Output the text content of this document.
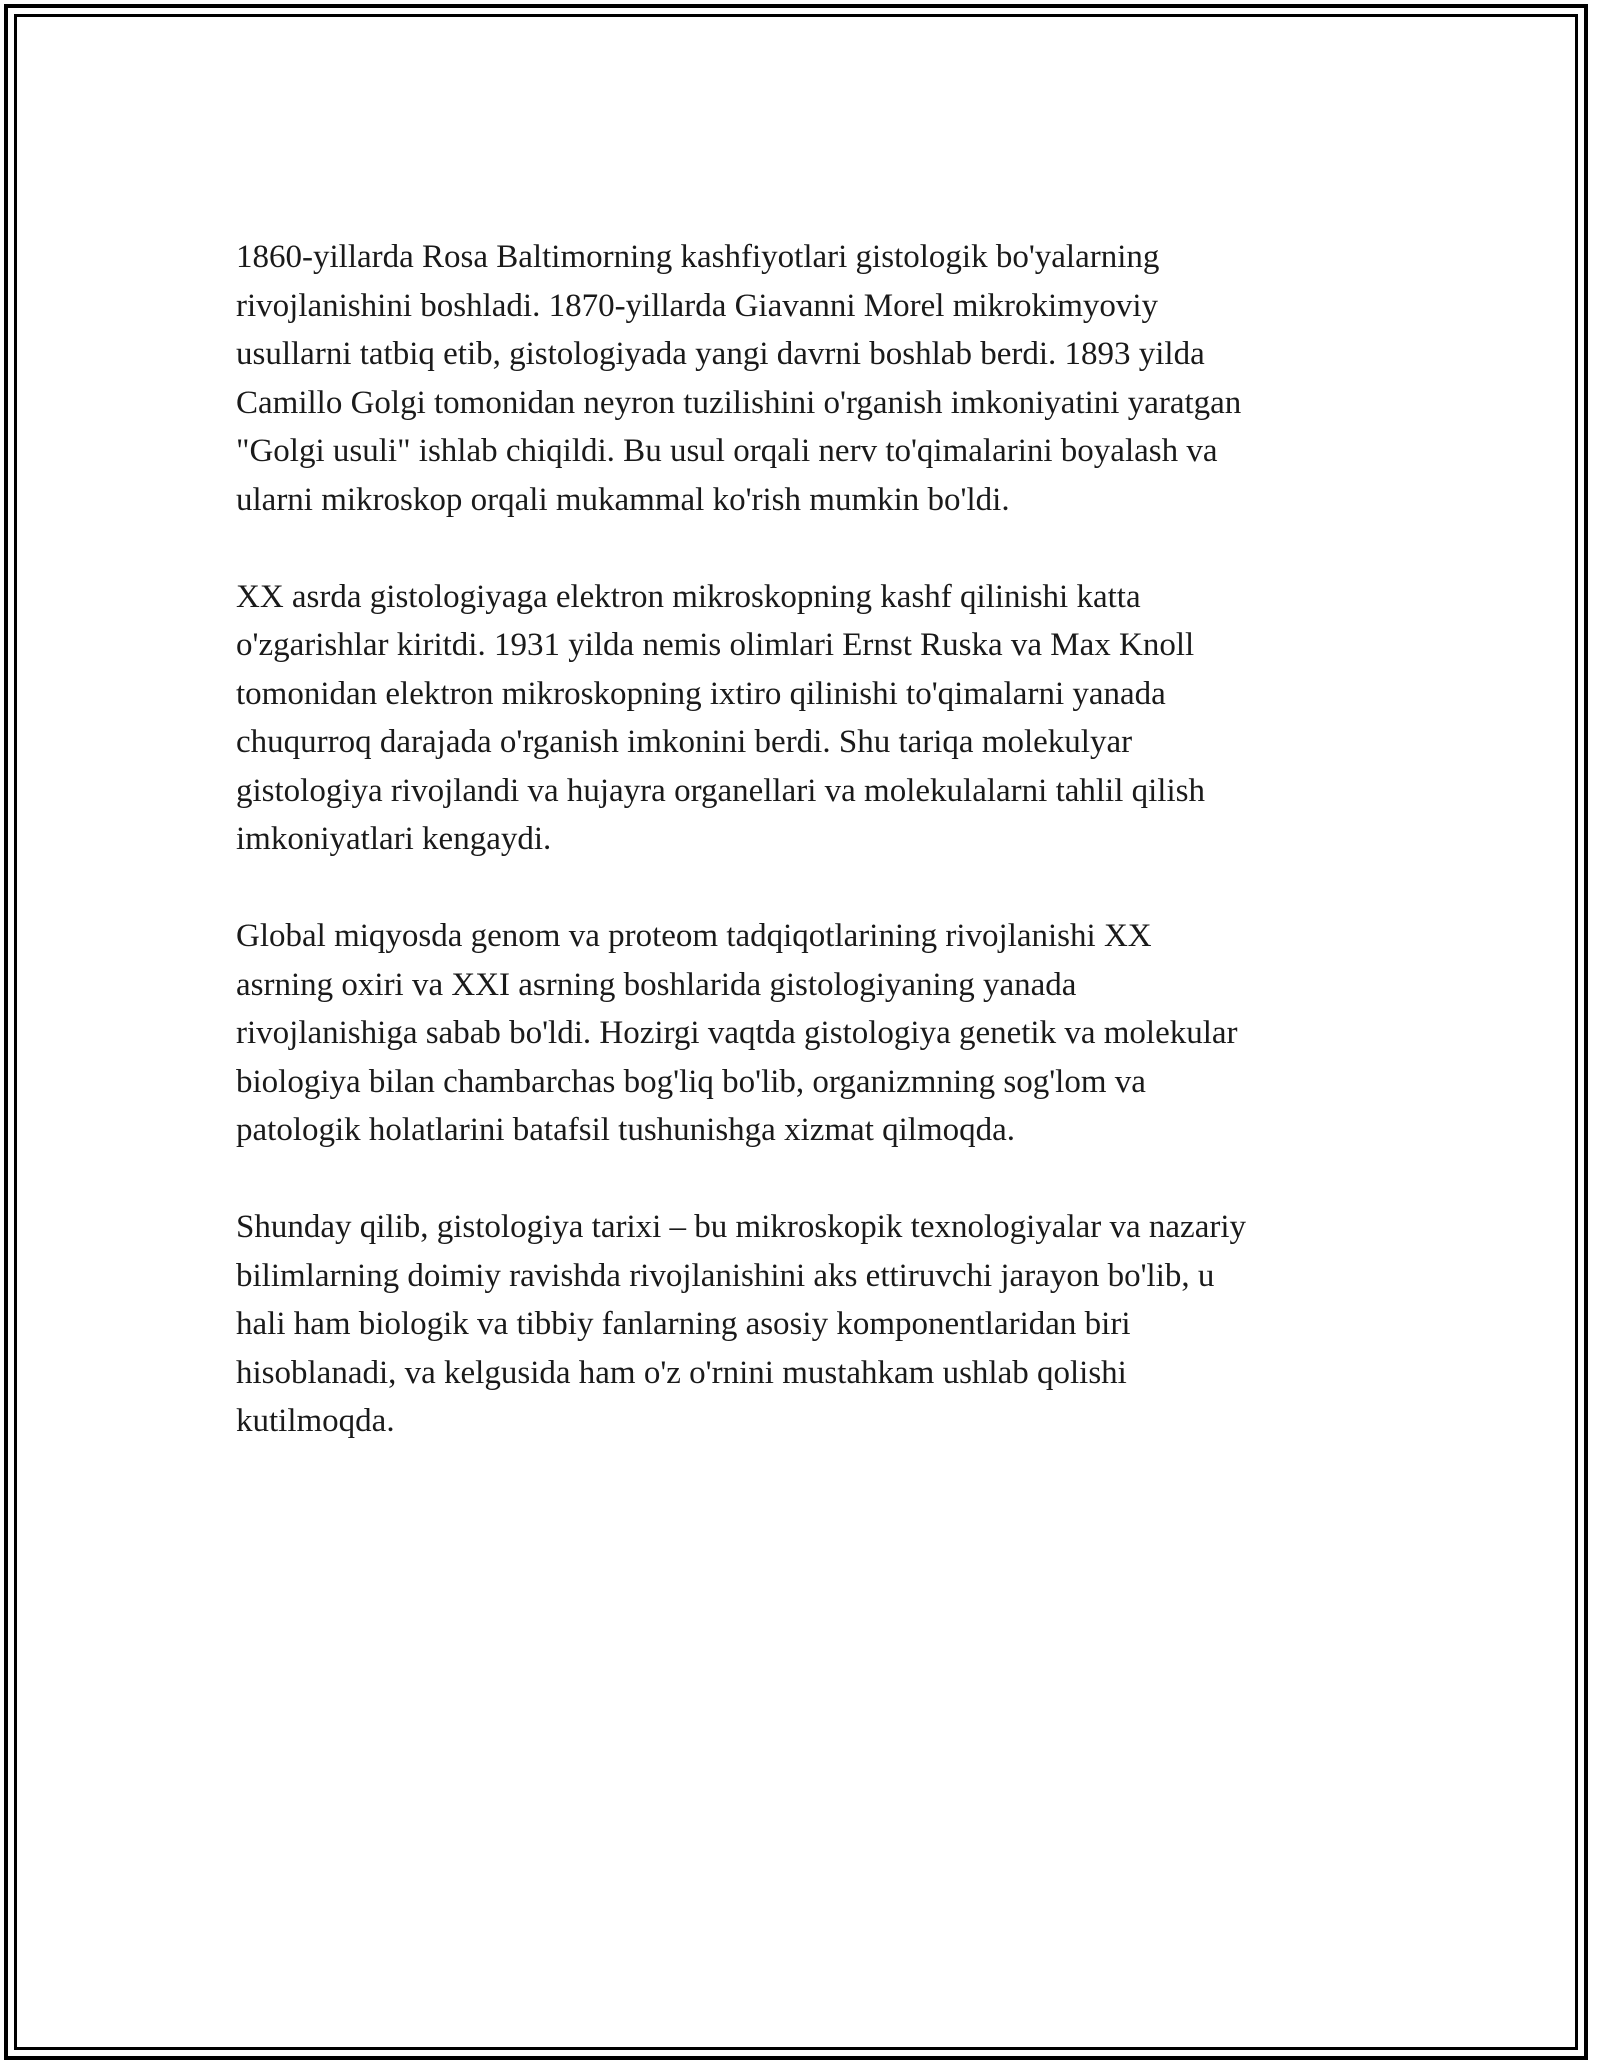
1860-yillarda Rosa Baltimorning kashfiyotlari gistologik bo'yalarning
rivojlanishini boshladi. 1870-yillarda Giavanni Morel mikrokimyoviy
usullarni tatbiq etib, gistologiyada yangi davrni boshlab berdi. 1893 yilda
Camillo Golgi tomonidan neyron tuzilishini o'rganish imkoniyatini yaratgan
"Golgi usuli" ishlab chiqildi. Bu usul orqali nerv to'qimalarini boyalash va
ularni mikroskop orqali mukammal ko'rish mumkin bo'ldi.

XX asrda gistologiyaga elektron mikroskopning kashf qilinishi katta
o'zgarishlar kiritdi. 1931 yilda nemis olimlari Ernst Ruska va Max Knoll
tomonidan elektron mikroskopning ixtiro qilinishi to'qimalarni yanada
chuqurroq darajada o'rganish imkonini berdi. Shu tariqa molekulyar
gistologiya rivojlandi va hujayra organellari va molekulalarni tahlil qilish
imkoniyatlari kengaydi.

Global miqyosda genom va proteom tadqiqotlarining rivojlanishi XX
asrning oxiri va XXI asrning boshlarida gistologiyaning yanada
rivojlanishiga sabab bo'ldi. Hozirgi vaqtda gistologiya genetik va molekular
biologiya bilan chambarchas bog'liq bo'lib, organizmning sog'lom va
patologik holatlarini batafsil tushunishga xizmat qilmoqda.

Shunday qilib, gistologiya tarixi – bu mikroskopik texnologiyalar va nazariy
bilimlarning doimiy ravishda rivojlanishini aks ettiruvchi jarayon bo'lib, u
hali ham biologik va tibbiy fanlarning asosiy komponentlaridan biri
hisoblanadi, va kelgusida ham o'z o'rnini mustahkam ushlab qolishi
kutilmoqda.
